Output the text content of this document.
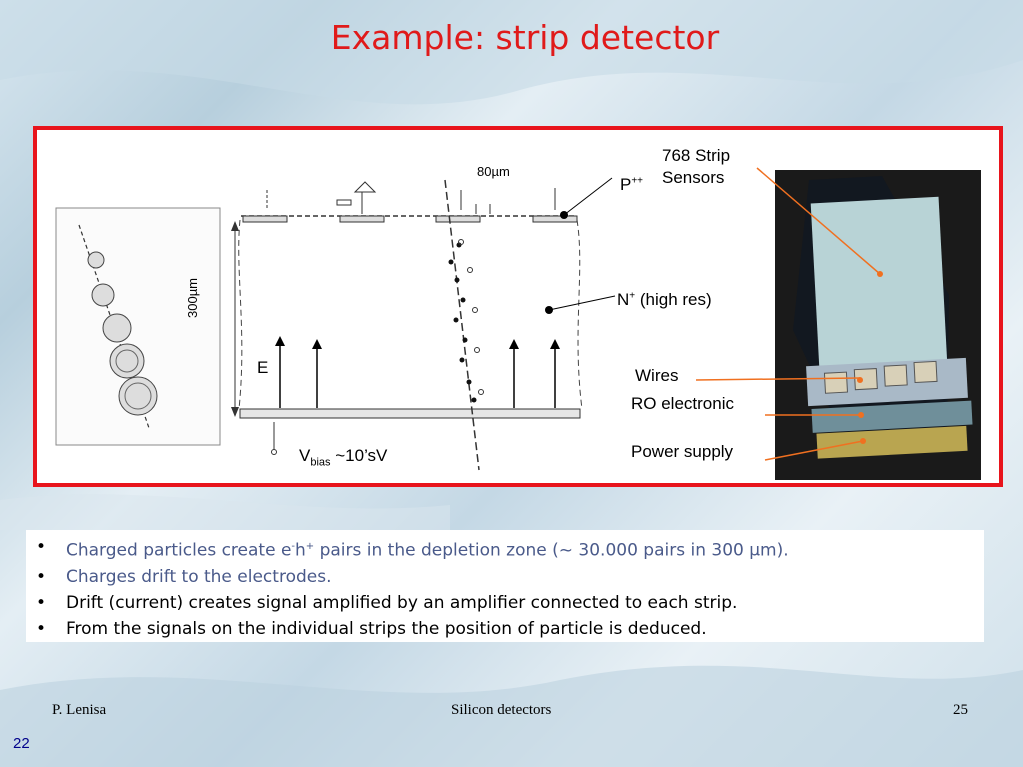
Example: strip detector
80µm
P++
768 Strip
Sensors
N+ (high res)
300µm
E
$V_{bias}$ ~10’sV
Wires
RO electronic
Power supply
• Charged particles create e-h+ pairs in the depletion zone (~ 30.000 pairs in 300 µm).
• Charges drift to the electrodes.
• Drift (current) creates signal amplified by an amplifier connected to each strip.
• From the signals on the individual strips the position of particle is deduced.
P. Lenisa	Silicon detectors	25
22
